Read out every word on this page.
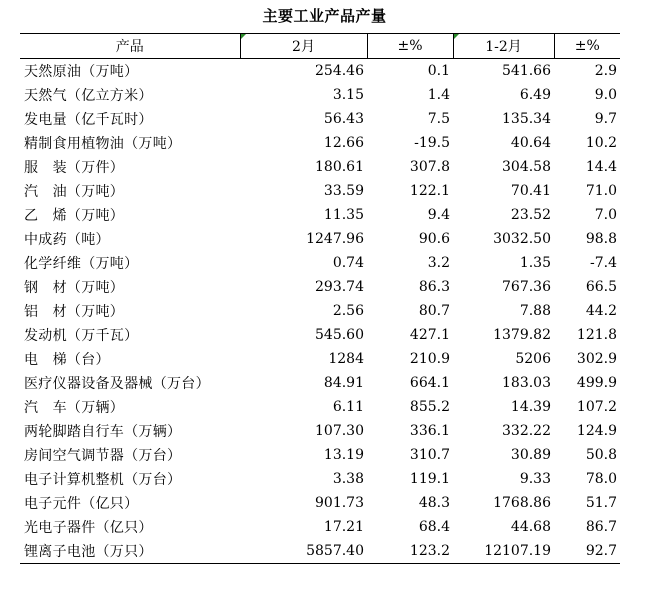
主要工业产品产量
产品	2月	±%	1-2月	±%
天然原油（万吨）	254.46	0.1	541.66	2.9
天然气（亿立方米）	3.15	1.4	6.49	9.0
发电量（亿千瓦时）	56.43	7.5	135.34	9.7
精制食用植物油（万吨）	12.66	-19.5	40.64	10.2
服　装（万件）	180.61	307.8	304.58	14.4
汽　油（万吨）	33.59	122.1	70.41	71.0
乙　烯（万吨）	11.35	9.4	23.52	7.0
中成药（吨）	1247.96	90.6	3032.50	98.8
化学纤维（万吨）	0.74	3.2	1.35	-7.4
钢　材（万吨）	293.74	86.3	767.36	66.5
铝　材（万吨）	2.56	80.7	7.88	44.2
发动机（万千瓦）	545.60	427.1	1379.82	121.8
电　梯（台）	1284	210.9	5206	302.9
医疗仪器设备及器械（万台）	84.91	664.1	183.03	499.9
汽　车（万辆）	6.11	855.2	14.39	107.2
两轮脚踏自行车（万辆）	107.30	336.1	332.22	124.9
房间空气调节器（万台）	13.19	310.7	30.89	50.8
电子计算机整机（万台）	3.38	119.1	9.33	78.0
电子元件（亿只）	901.73	48.3	1768.86	51.7
光电子器件（亿只）	17.21	68.4	44.68	86.7
锂离子电池（万只）	5857.40	123.2	12107.19	92.7
